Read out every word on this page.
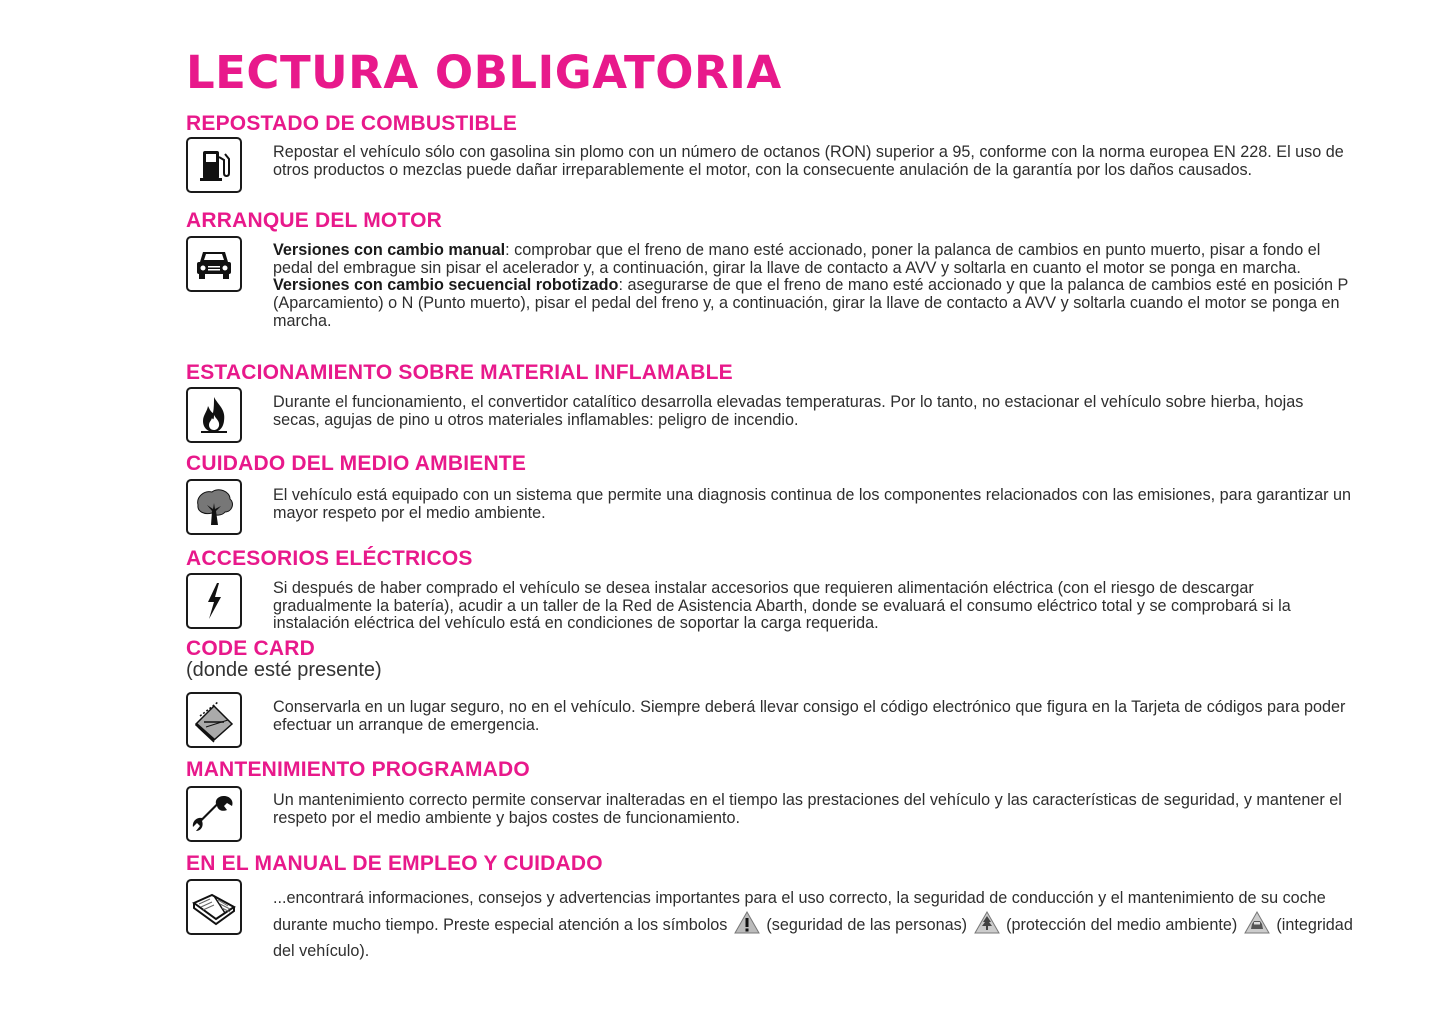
LECTURA OBLIGATORIA
REPOSTADO DE COMBUSTIBLE

Repostar el vehículo sólo con gasolina sin plomo con un número de octanos (RON) superior a 95, conforme con la norma europea EN 228. El uso de otros productos o mezclas puede dañar irreparablemente el motor, con la consecuente anulación de la garantía por los daños causados.

ARRANQUE DEL MOTOR

Versiones con cambio manual: comprobar que el freno de mano esté accionado, poner la palanca de cambios en punto muerto, pisar a fondo el pedal del embrague sin pisar el acelerador y, a continuación, girar la llave de contacto a AVV y soltarla en cuanto el motor se ponga en marcha.
Versiones con cambio secuencial robotizado: asegurarse de que el freno de mano esté accionado y que la palanca de cambios esté en posición P (Aparcamiento) o N (Punto muerto), pisar el pedal del freno y, a continuación, girar la llave de contacto a AVV y soltarla cuando el motor se ponga en marcha.

ESTACIONAMIENTO SOBRE MATERIAL INFLAMABLE

Durante el funcionamiento, el convertidor catalítico desarrolla elevadas temperaturas. Por lo tanto, no estacionar el vehículo sobre hierba, hojas secas, agujas de pino u otros materiales inflamables: peligro de incendio.

CUIDADO DEL MEDIO AMBIENTE

El vehículo está equipado con un sistema que permite una diagnosis continua de los componentes relacionados con las emisiones, para garantizar un mayor respeto por el medio ambiente.

ACCESORIOS ELÉCTRICOS

Si después de haber comprado el vehículo se desea instalar accesorios que requieren alimentación eléctrica (con el riesgo de descargar gradualmente la batería), acudir a un taller de la Red de Asistencia Abarth, donde se evaluará el consumo eléctrico total y se comprobará si la instalación eléctrica del vehículo está en condiciones de soportar la carga requerida.

CODE CARD

(donde esté presente)

Conservarla en un lugar seguro, no en el vehículo. Siempre deberá llevar consigo el código electrónico que figura en la Tarjeta de códigos para poder efectuar un arranque de emergencia.

MANTENIMIENTO PROGRAMADO

Un mantenimiento correcto permite conservar inalteradas en el tiempo las prestaciones del vehículo y las características de seguridad, y mantener el respeto por el medio ambiente y bajos costes de funcionamiento.

EN EL MANUAL DE EMPLEO Y CUIDADO

...encontrará informaciones, consejos y advertencias importantes para el uso correcto, la seguridad de conducción y el mantenimiento de su coche durante mucho tiempo. Preste especial atención a los símbolos (seguridad de las personas) (protección del medio ambiente) (integridad del vehículo).
